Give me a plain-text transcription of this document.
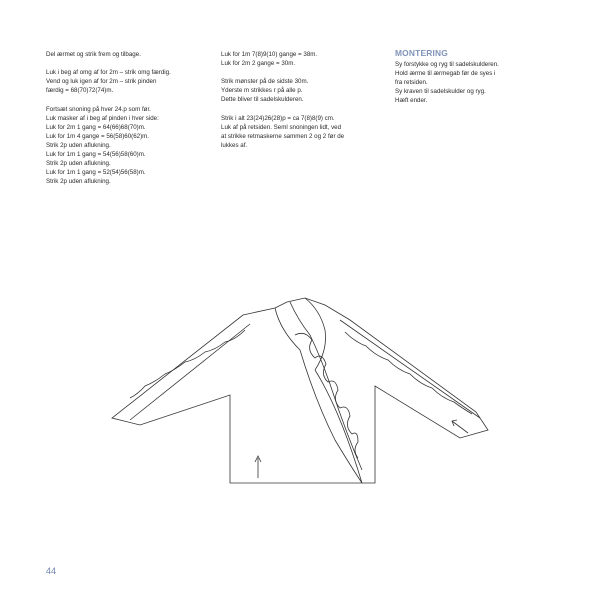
Del ærmet og strik frem og tilbage.

Luk i beg af omg af for 2m – strik omg færdig.
Vend og luk igen af for 2m – strik pinden
færdig = 68(70)72(74)m.

Fortsæt snoning på hver 24.p som før.
Luk masker af i beg af pinden i hver side:
Luk for 2m 1 gang = 64(66)68(70)m.
Luk for 1m 4 gange = 56(58)60(62)m.
Strik 2p uden aflukning.
Luk for 1m 1 gang = 54(56)58(60)m.
Strik 2p uden aflukning.
Luk for 1m 1 gang = 52(54)56(58)m.
Strik 2p uden aflukning.

Luk for 1m 7(8)9(10) gange = 38m.
Luk for 2m 2 gange = 30m.

Strik mønster på de sidste 30m.
Yderste m strikkes r på alle p.
Dette bliver til sadelskulderen.

Strik i alt 23(24)26(28)p = ca 7(8)8(9) cm.
Luk af på retsiden. Seml snoningen lidt, ved
at strikke retmaskerne sammen 2 og 2 før de
lukkes af.

MONTERING
Sy forstykke og ryg til sadelskulderen.
Hold ærme til ærmegab før de syes i
fra retsiden.
Sy kraven til sadelskulder og ryg.
Hæft ender.
44
